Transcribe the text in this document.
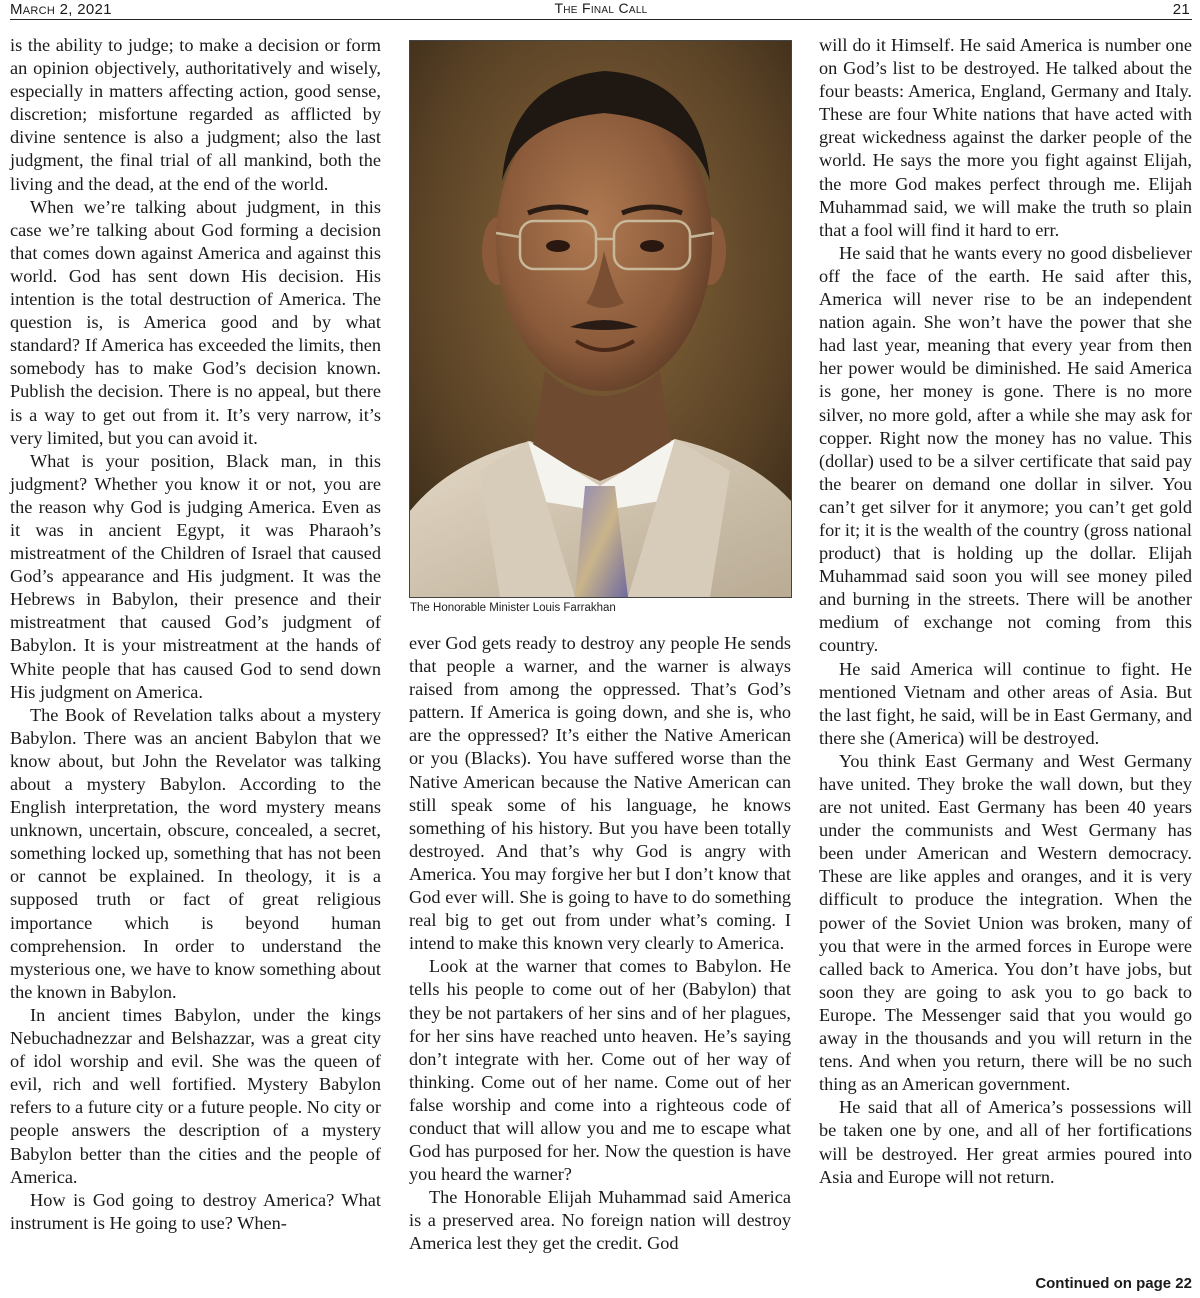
March 2, 2021	The Final Call	21

is the ability to judge; to make a decision or form an opinion objectively, authoritatively and wisely, especially in matters affecting action, good sense, discretion; misfortune regarded as afflicted by divine sentence is also a judgment; also the last judgment, the final trial of all mankind, both the living and the dead, at the end of the world.

When we’re talking about judgment, in this case we’re talking about God forming a decision that comes down against America and against this world. God has sent down His decision. His intention is the total destruction of America. The question is, is America good and by what standard? If America has exceeded the limits, then somebody has to make God’s decision known. Publish the decision. There is no appeal, but there is a way to get out from it. It’s very narrow, it’s very limited, but you can avoid it.

What is your position, Black man, in this judgment? Whether you know it or not, you are the reason why God is judging America. Even as it was in ancient Egypt, it was Pharaoh’s mistreatment of the Children of Israel that caused God’s appearance and His judgment. It was the Hebrews in Babylon, their presence and their mistreatment that caused God’s judgment of Babylon. It is your mistreatment at the hands of White people that has caused God to send down His judgment on America.

The Book of Revelation talks about a mystery Babylon. There was an ancient Babylon that we know about, but John the Revelator was talking about a mystery Babylon. According to the English interpretation, the word mystery means unknown, uncertain, obscure, concealed, a secret, something locked up, something that has not been or cannot be explained. In theology, it is a supposed truth or fact of great religious importance which is beyond human comprehension. In order to understand the mysterious one, we have to know something about the known in Babylon.

In ancient times Babylon, under the kings Nebuchadnezzar and Belshazzar, was a great city of idol worship and evil. She was the queen of evil, rich and well fortified. Mystery Babylon refers to a future city or a future people. No city or people answers the description of a mystery Babylon better than the cities and the people of America.

How is God going to destroy America? What instrument is He going to use? When-

The Honorable Minister Louis Farrakhan

ever God gets ready to destroy any people He sends that people a warner, and the warner is always raised from among the oppressed. That’s God’s pattern. If America is going down, and she is, who are the oppressed? It’s either the Native American or you (Blacks). You have suffered worse than the Native American because the Native American can still speak some of his language, he knows something of his history. But you have been totally destroyed. And that’s why God is angry with America. You may forgive her but I don’t know that God ever will. She is going to have to do something real big to get out from under what’s coming. I intend to make this known very clearly to America.

Look at the warner that comes to Babylon. He tells his people to come out of her (Babylon) that they be not partakers of her sins and of her plagues, for her sins have reached unto heaven. He’s saying don’t integrate with her. Come out of her way of thinking. Come out of her name. Come out of her false worship and come into a righteous code of conduct that will allow you and me to escape what God has purposed for her. Now the question is have you heard the warner?

The Honorable Elijah Muhammad said America is a preserved area. No foreign nation will destroy America lest they get the credit. God

will do it Himself. He said America is number one on God’s list to be destroyed. He talked about the four beasts: America, England, Germany and Italy. These are four White nations that have acted with great wickedness against the darker people of the world. He says the more you fight against Elijah, the more God makes perfect through me. Elijah Muhammad said, we will make the truth so plain that a fool will find it hard to err.

He said that he wants every no good disbeliever off the face of the earth. He said after this, America will never rise to be an independent nation again. She won’t have the power that she had last year, meaning that every year from then her power would be diminished. He said America is gone, her money is gone. There is no more silver, no more gold, after a while she may ask for copper. Right now the money has no value. This (dollar) used to be a silver certificate that said pay the bearer on demand one dollar in silver. You can’t get silver for it anymore; you can’t get gold for it; it is the wealth of the country (gross national product) that is holding up the dollar. Elijah Muhammad said soon you will see money piled and burning in the streets. There will be another medium of exchange not coming from this country.

He said America will continue to fight. He mentioned Vietnam and other areas of Asia. But the last fight, he said, will be in East Germany, and there she (America) will be destroyed.

You think East Germany and West Germany have united. They broke the wall down, but they are not united. East Germany has been 40 years under the communists and West Germany has been under American and Western democracy. These are like apples and oranges, and it is very difficult to produce the integration. When the power of the Soviet Union was broken, many of you that were in the armed forces in Europe were called back to America. You don’t have jobs, but soon they are going to ask you to go back to Europe. The Messenger said that you would go away in the thousands and you will return in the tens. And when you return, there will be no such thing as an American government.

He said that all of America’s possessions will be taken one by one, and all of her fortifications will be destroyed. Her great armies poured into Asia and Europe will not return.

Continued on page 22
